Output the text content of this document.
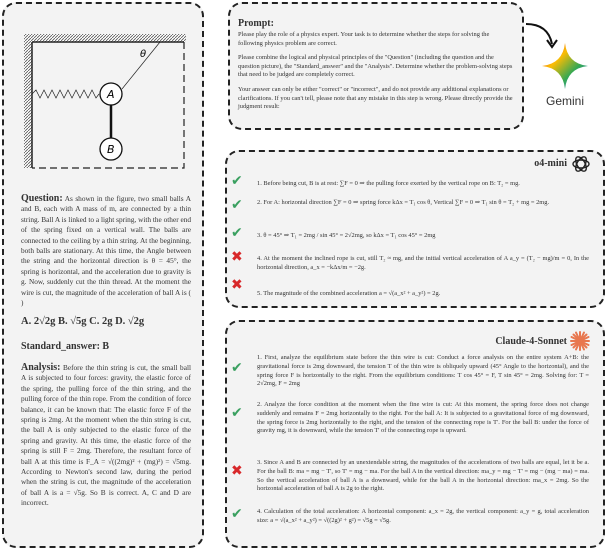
A
B
θ
Question: As shown in the figure, two small balls A and B, each with A mass of m, are connected by a thin string. Ball A is linked to a light spring, with the other end of the spring fixed on a vertical wall. The balls are connected to the ceiling by a thin string. At the beginning, both balls are stationary. At this time, the Angle between the string and the horizontal direction is θ = 45°, the spring is horizontal, and the acceleration due to gravity is g. Now, suddenly cut the thin thread. At the moment the wire is cut, the magnitude of the acceleration of ball A is ( )
A. 2√2g B. √5g C. 2g D. √2g
Standard_answer: B
Analysis: Before the thin string is cut, the small ball A is subjected to four forces: gravity, the elastic force of the spring, the pulling force of the thin string, and the pulling force of the thin rope. From the condition of force balance, it can be known that: The elastic force F of the spring is 2mg. At the moment when the thin string is cut, the ball A is only subjected to the elastic force of the spring and gravity. At this time, the elastic force of the spring is still F = 2mg. Therefore, the resultant force of ball A at this time is F_A = √((2mg)² + (mg)²) = √5mg. According to Newton's second law, during the period when the string is cut, the magnitude of the acceleration of ball A is a = √5g. So B is correct. A, C and D are incorrect.
Prompt:

Please play the role of a physics expert. Your task is to determine whether the steps for solving the following physics problem are correct.

Please combine the logical and physical principles of the "Question" (including the question and the question picture), the "Standard_answer" and the "Analysis". Determine whether the problem-solving steps that need to be judged are completely correct.

Your answer can only be either "correct" or "incorrect", and do not provide any additional explanations or clarifications. If you can't tell, please note that any mistake in this step is wrong. Please directly provide the judgment result:	Gemini
o4-mini
✔ 1. Before being cut, B is at rest: ∑F = 0 ⇒ the pulling force exerted by the vertical rope on B: T₂ = mg.
✔ 2. For A: horizontal direction ∑F = 0 ⇒ spring force kΔx = T₁ cos θ, Vertical ∑F = 0 ⇒ T₁ sin θ = T₂ + mg = 2mg.
✔ 3. θ = 45° ⇒ T₁ = 2mg / sin 45° = 2√2mg, so kΔx = T₁ cos 45° = 2mg
✖ 4. At the moment the inclined rope is cut, still T₂ ≈ mg, and the initial vertical acceleration of A a_y = (T₂ − mg)/m = 0, In the horizontal direction, a_x = −kΔx/m = −2g.
✖
5. The magnitude of the combined acceleration a = √(a_x² + a_y²) = 2g.
Claude-4-Sonnet
✔
1. First, analyze the equilibrium state before the thin wire is cut: Conduct a force analysis on the entire system A+B: the gravitational force is 2mg downward, the tension T of the thin wire is obliquely upward (45° Angle to the horizontal), and the spring force F is horizontally to the right. From the equilibrium conditions: T cos 45° = F, T sin 45° = 2mg. Solving for: T = 2√2mg, F = 2mg
✔
2. Analyze the force condition at the moment when the fine wire is cut: At this moment, the spring force does not change suddenly and remains F = 2mg horizontally to the right. For the ball A: It is subjected to a gravitational force of mg downward, the spring force is 2mg horizontally to the right, and the tension of the connecting rope is T'. For the ball B: under the force of gravity mg, it is downward, while the tension T' of the connecting rope is upward.
✖
3. Since A and B are connected by an unextendable string, the magnitudes of the accelerations of two balls are equal, let it be a. For the ball B: ma = mg − T', so T' = mg − ma. For the ball A in the vertical direction: ma_y = mg − T' = mg − (mg − ma) = ma. So the vertical acceleration of ball A is a downward, while for the ball A in the horizontal direction: ma_x = 2mg. So the horizontal acceleration of ball A is 2g to the right.
✔ 4. Calculation of the total acceleration: A horizontal component: a_x = 2g, the vertical component: a_y = g, total acceleration size: a = √(a_x² + a_y²) = √((2g)² + g²) = √5g = √5g.
